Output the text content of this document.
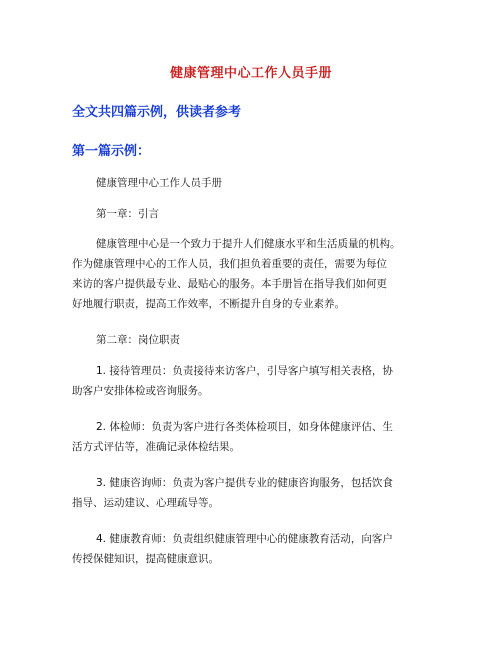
健康管理中心工作人员手册
全文共四篇示例，供读者参考
第一篇示例：
健康管理中心工作人员手册
第一章：引言
健康管理中心是一个致力于提升人们健康水平和生活质量的机构。
作为健康管理中心的工作人员，我们担负着重要的责任，需要为每位
来访的客户提供最专业、最贴心的服务。本手册旨在指导我们如何更
好地履行职责，提高工作效率，不断提升自身的专业素养。
第二章：岗位职责
1. 接待管理员：负责接待来访客户，引导客户填写相关表格，协
助客户安排体检或咨询服务。
2. 体检师：负责为客户进行各类体检项目，如身体健康评估、生
活方式评估等，准确记录体检结果。
3. 健康咨询师：负责为客户提供专业的健康咨询服务，包括饮食
指导、运动建议、心理疏导等。
4. 健康教育师：负责组织健康管理中心的健康教育活动，向客户
传授保健知识，提高健康意识。
